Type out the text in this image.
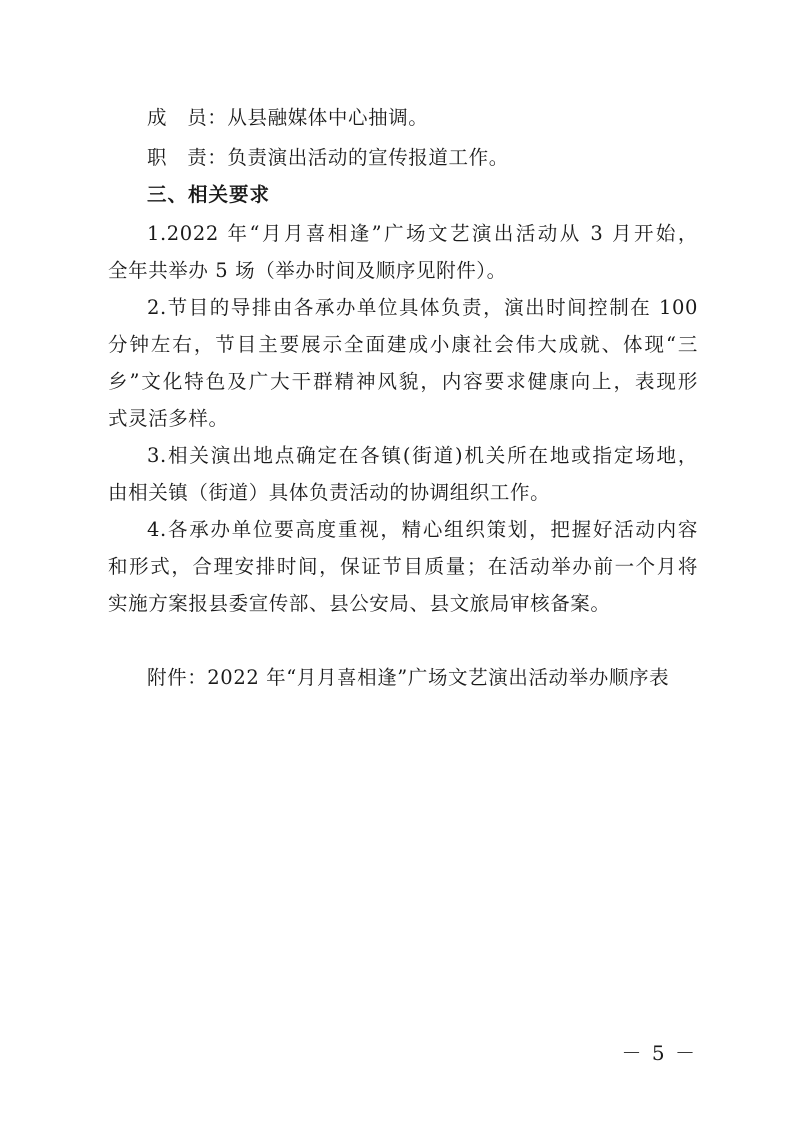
成　员：从县融媒体中心抽调。
职　责：负责演出活动的宣传报道工作。
三、相关要求
1.2022 年“月月喜相逢”广场文艺演出活动从 3 月开始，
全年共举办 5 场（举办时间及顺序见附件）。
2.节目的导排由各承办单位具体负责，演出时间控制在 100
分钟左右，节目主要展示全面建成小康社会伟大成就、体现“三
乡”文化特色及广大干群精神风貌，内容要求健康向上，表现形
式灵活多样。
3.相关演出地点确定在各镇(街道)机关所在地或指定场地，
由相关镇（街道）具体负责活动的协调组织工作。
4.各承办单位要高度重视，精心组织策划，把握好活动内容
和形式，合理安排时间，保证节目质量；在活动举办前一个月将
实施方案报县委宣传部、县公安局、县文旅局审核备案。
附件：2022 年“月月喜相逢”广场文艺演出活动举办顺序表
－ 5 －
